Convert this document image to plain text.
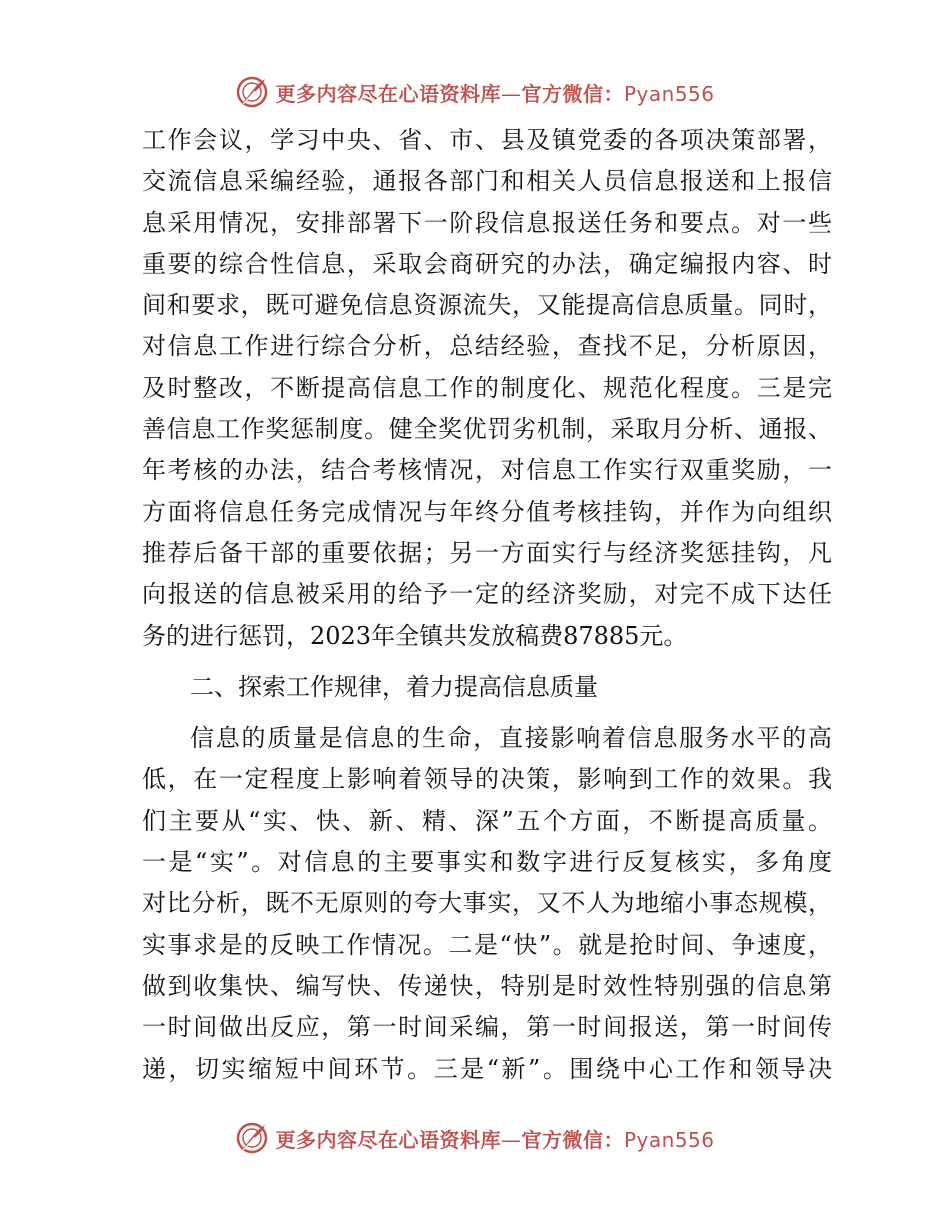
更多内容尽在心语资料库—官方微信：Pyan556
工作会议，学习中央、省、市、县及镇党委的各项决策部署，
交流信息采编经验，通报各部门和相关人员信息报送和上报信
息采用情况，安排部署下一阶段信息报送任务和要点。对一些
重要的综合性信息，采取会商研究的办法，确定编报内容、时
间和要求，既可避免信息资源流失，又能提高信息质量。同时，
对信息工作进行综合分析，总结经验，查找不足，分析原因，
及时整改，不断提高信息工作的制度化、规范化程度。三是完
善信息工作奖惩制度。健全奖优罚劣机制，采取月分析、通报、
年考核的办法，结合考核情况，对信息工作实行双重奖励，一
方面将信息任务完成情况与年终分值考核挂钩，并作为向组织
推荐后备干部的重要依据；另一方面实行与经济奖惩挂钩，凡
向报送的信息被采用的给予一定的经济奖励，对完不成下达任
务的进行惩罚，2023年全镇共发放稿费87885元。
二、探索工作规律，着力提高信息质量
信息的质量是信息的生命，直接影响着信息服务水平的高
低，在一定程度上影响着领导的决策，影响到工作的效果。我
们主要从“实、快、新、精、深”五个方面，不断提高质量。
一是“实”。对信息的主要事实和数字进行反复核实，多角度
对比分析，既不无原则的夸大事实，又不人为地缩小事态规模，
实事求是的反映工作情况。二是“快”。就是抢时间、争速度，
做到收集快、编写快、传递快，特别是时效性特别强的信息第
一时间做出反应，第一时间采编，第一时间报送，第一时间传
递，切实缩短中间环节。三是“新”。围绕中心工作和领导决
更多内容尽在心语资料库—官方微信：Pyan556
